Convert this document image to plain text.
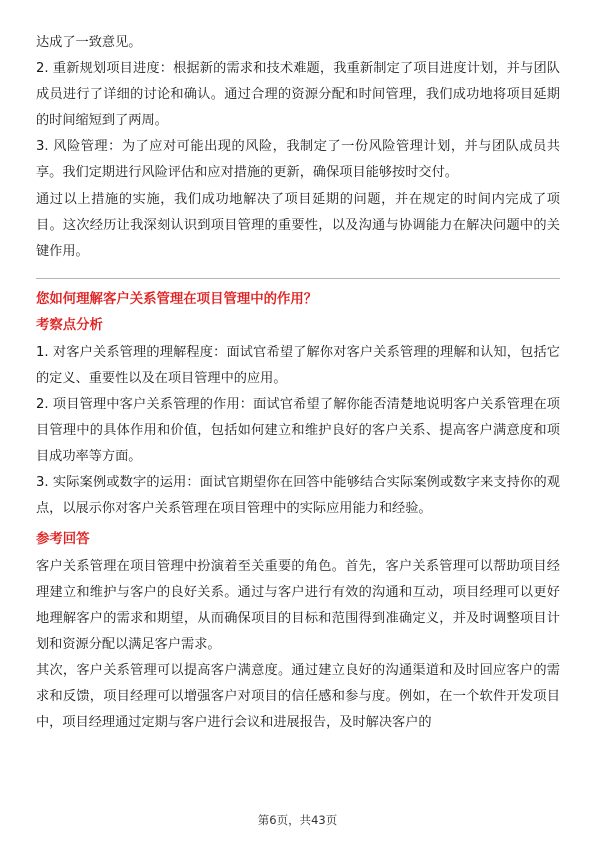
达成了一致意见。

2. 重新规划项目进度：根据新的需求和技术难题，我重新制定了项目进度计划，并与团队成员进行了详细的讨论和确认。通过合理的资源分配和时间管理，我们成功地将项目延期的时间缩短到了两周。

3. 风险管理：为了应对可能出现的风险，我制定了一份风险管理计划，并与团队成员共享。我们定期进行风险评估和应对措施的更新，确保项目能够按时交付。

通过以上措施的实施，我们成功地解决了项目延期的问题，并在规定的时间内完成了项目。这次经历让我深刻认识到项目管理的重要性，以及沟通与协调能力在解决问题中的关键作用。

您如何理解客户关系管理在项目管理中的作用？

考察点分析

1. 对客户关系管理的理解程度：面试官希望了解你对客户关系管理的理解和认知，包括它的定义、重要性以及在项目管理中的应用。

2. 项目管理中客户关系管理的作用：面试官希望了解你能否清楚地说明客户关系管理在项目管理中的具体作用和价值，包括如何建立和维护良好的客户关系、提高客户满意度和项目成功率等方面。

3. 实际案例或数字的运用：面试官期望你在回答中能够结合实际案例或数字来支持你的观点，以展示你对客户关系管理在项目管理中的实际应用能力和经验。

参考回答

客户关系管理在项目管理中扮演着至关重要的角色。首先，客户关系管理可以帮助项目经理建立和维护与客户的良好关系。通过与客户进行有效的沟通和互动，项目经理可以更好地理解客户的需求和期望，从而确保项目的目标和范围得到准确定义，并及时调整项目计划和资源分配以满足客户需求。

其次，客户关系管理可以提高客户满意度。通过建立良好的沟通渠道和及时回应客户的需求和反馈，项目经理可以增强客户对项目的信任感和参与度。例如，在一个软件开发项目中，项目经理通过定期与客户进行会议和进展报告，及时解决客户的

第6页，共43页
